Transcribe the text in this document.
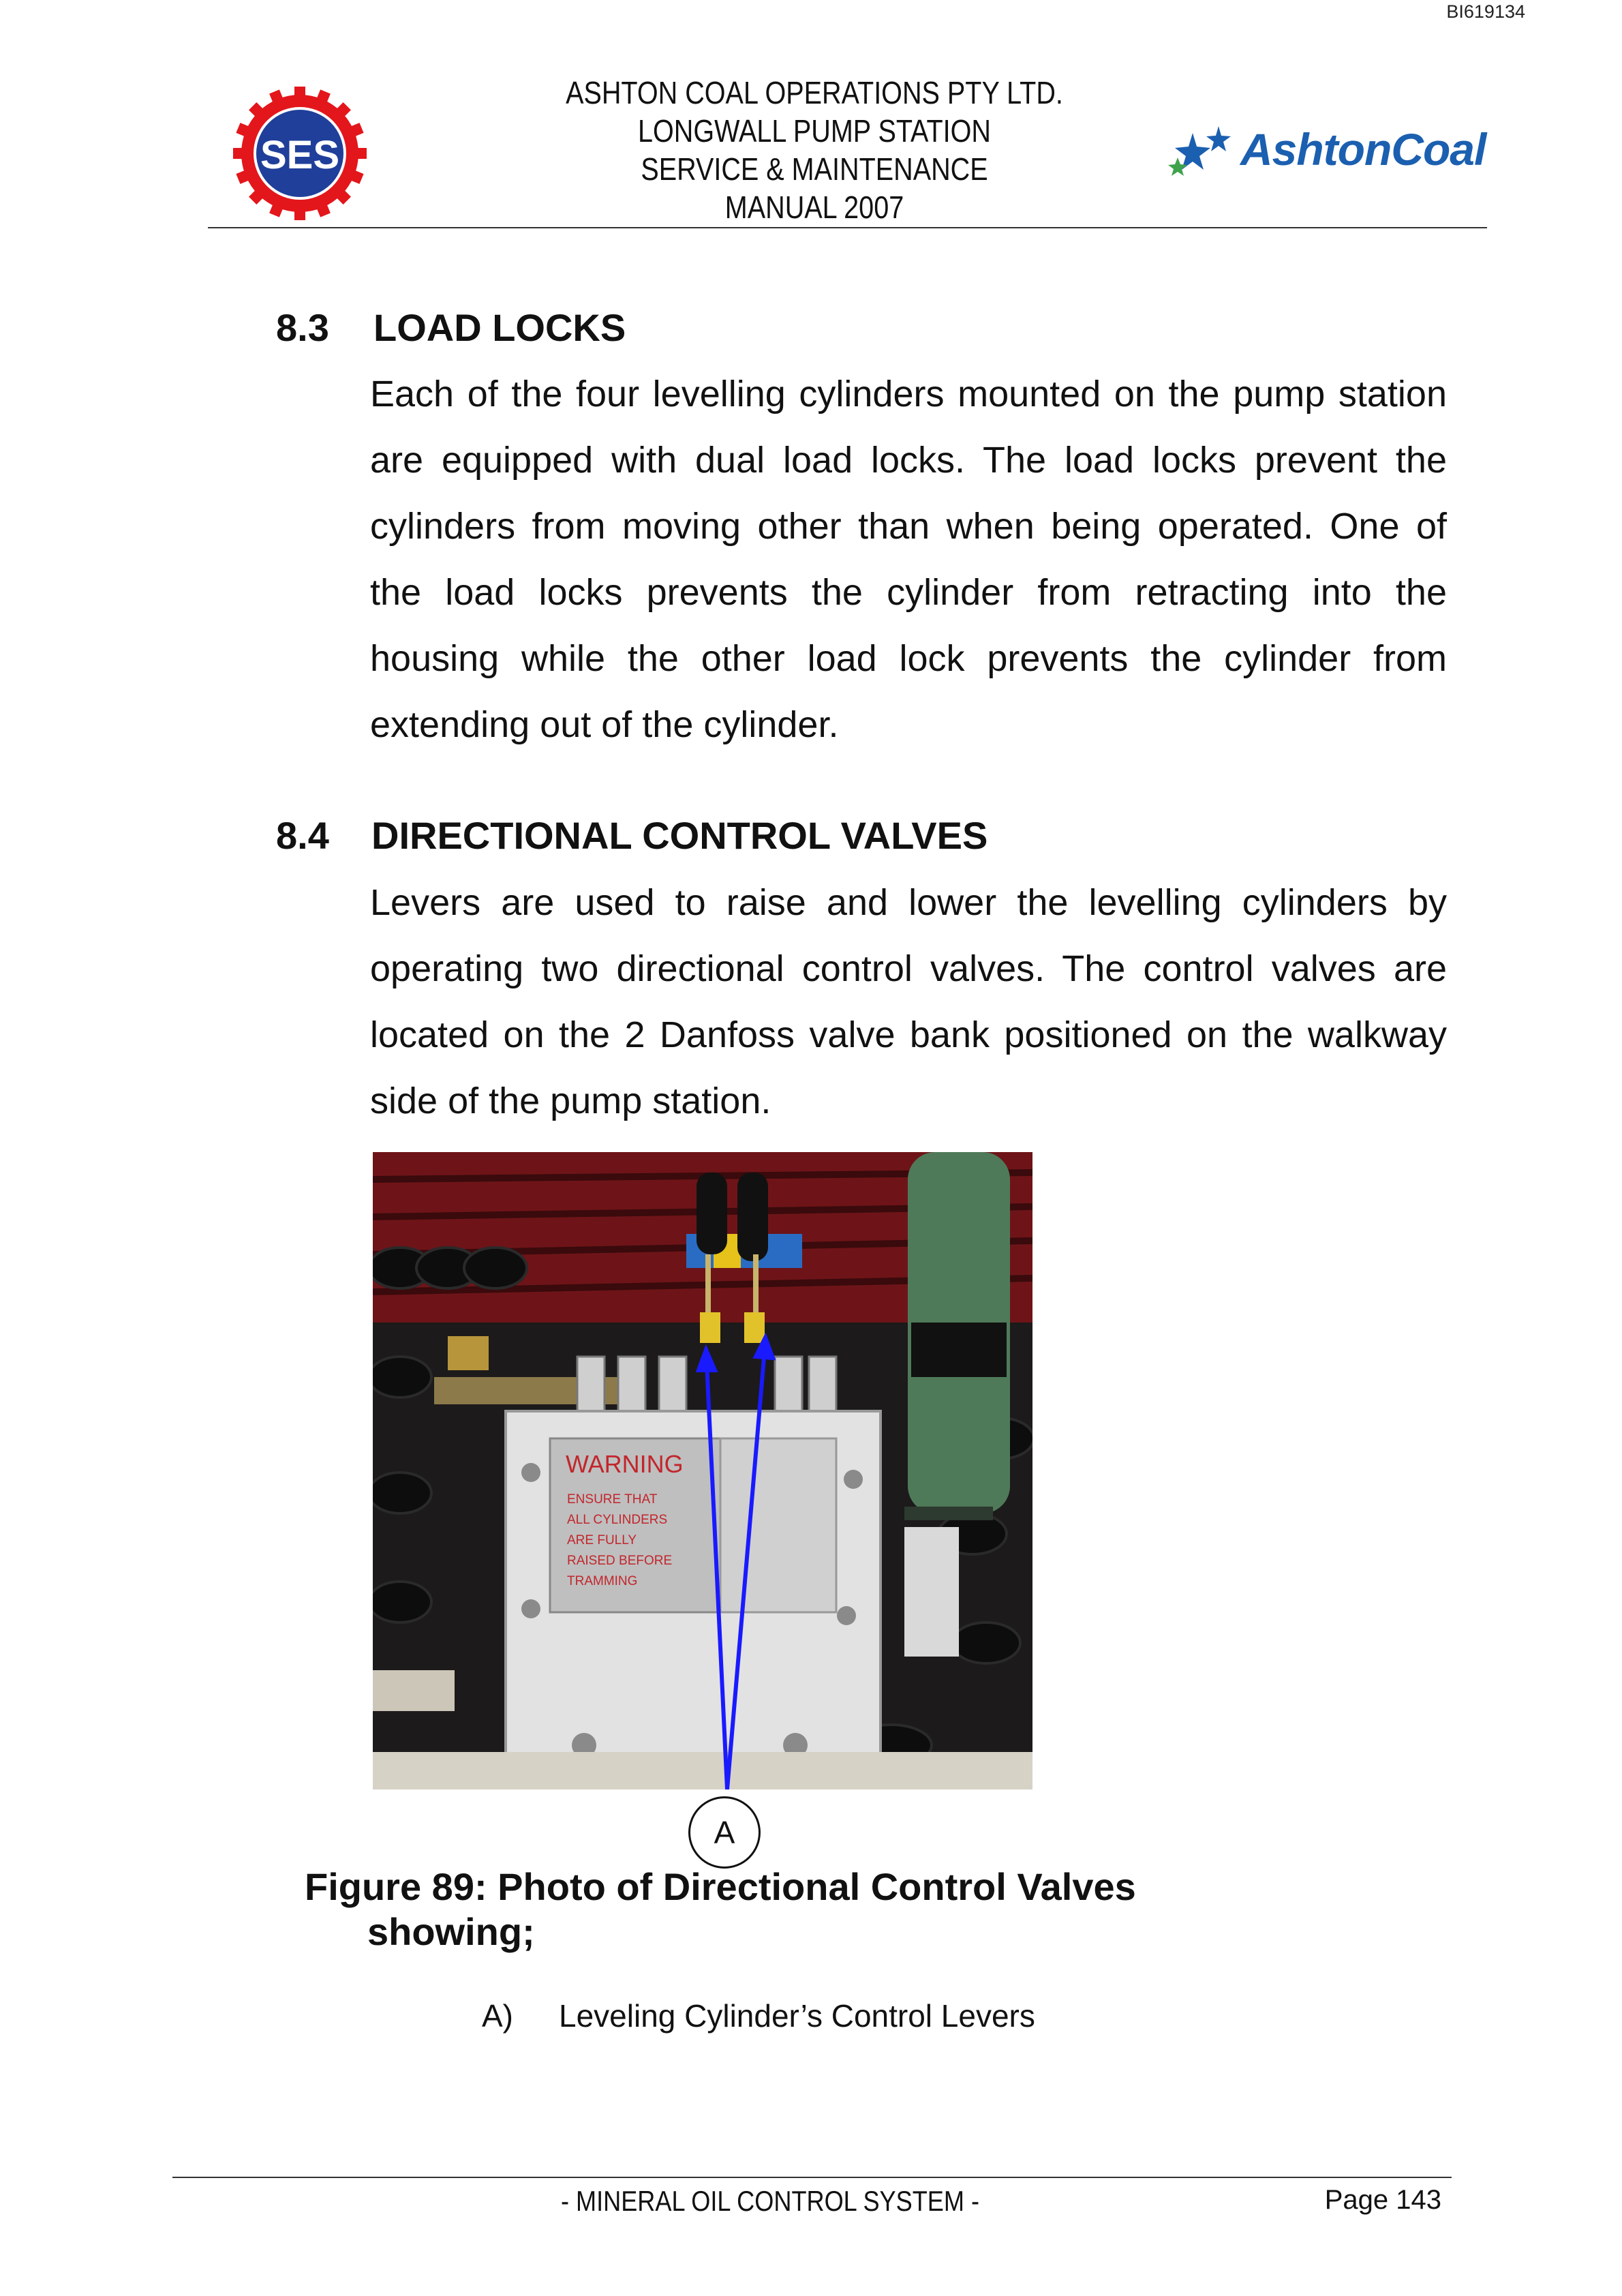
BI619134
SES
ASHTON COAL OPERATIONS PTY LTD.
LONGWALL PUMP STATION
SERVICE & MAINTENANCE
MANUAL 2007
AshtonCoal
8.3 LOAD LOCKS
Each of the four levelling cylinders mounted on the pump station are equipped with dual load locks. The load locks prevent the cylinders from moving other than when being operated. One of the load locks prevents the cylinder from retracting into the housing while the other load lock prevents the cylinder from extending out of the cylinder.
8.4 DIRECTIONAL CONTROL VALVES
Levers are used to raise and lower the levelling cylinders by operating two directional control valves. The control valves are located on the 2 Danfoss valve bank positioned on the walkway side of the pump station.
WARNING
ENSURE THAT
ALL CYLINDERS
ARE FULLY
RAISED BEFORE
TRAMMING
A
Figure 89: Photo of Directional Control Valves
showing;
A) Leveling Cylinder’s Control Levers
- MINERAL OIL CONTROL SYSTEM -	Page 143
